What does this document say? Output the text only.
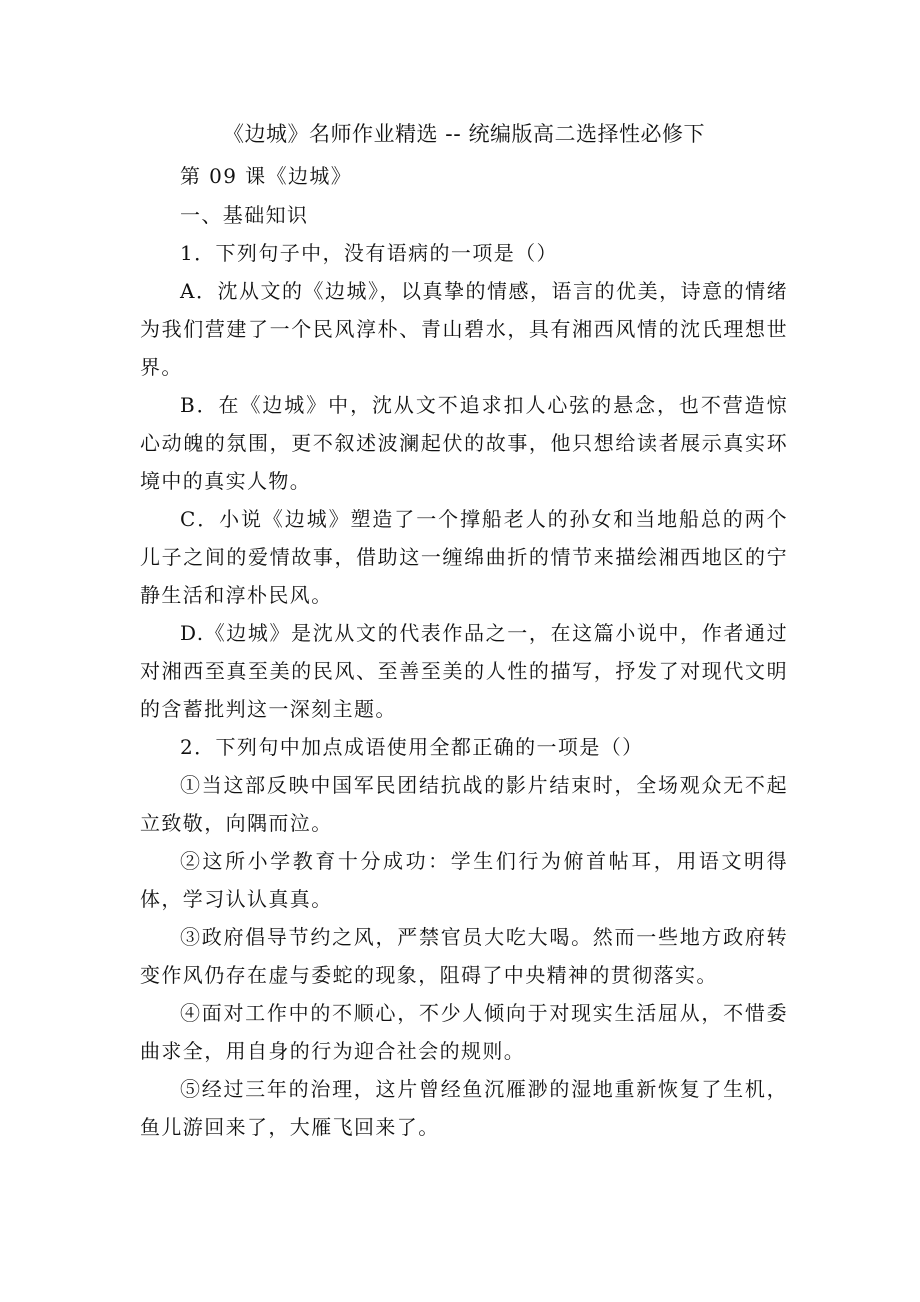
《边城》名师作业精选 -- 统编版高二选择性必修下

第 09 课《边城》

一、基础知识

1．下列句子中，没有语病的一项是（）

A．沈从文的《边城》，以真挚的情感，语言的优美，诗意的情绪为我们营建了一个民风淳朴、青山碧水，具有湘西风情的沈氏理想世界。

B．在《边城》中，沈从文不追求扣人心弦的悬念，也不营造惊心动魄的氛围，更不叙述波澜起伏的故事，他只想给读者展示真实环境中的真实人物。

C．小说《边城》塑造了一个撑船老人的孙女和当地船总的两个儿子之间的爱情故事，借助这一缠绵曲折的情节来描绘湘西地区的宁静生活和淳朴民风。

D.《边城》是沈从文的代表作品之一，在这篇小说中，作者通过对湘西至真至美的民风、至善至美的人性的描写，抒发了对现代文明的含蓄批判这一深刻主题。

2．下列句中加点成语使用全都正确的一项是（）

①当这部反映中国军民团结抗战的影片结束时，全场观众无不起立致敬，向隅而泣。

②这所小学教育十分成功：学生们行为俯首帖耳，用语文明得体，学习认认真真。

③政府倡导节约之风，严禁官员大吃大喝。然而一些地方政府转变作风仍存在虚与委蛇的现象，阻碍了中央精神的贯彻落实。

④面对工作中的不顺心，不少人倾向于对现实生活屈从，不惜委曲求全，用自身的行为迎合社会的规则。

⑤经过三年的治理，这片曾经鱼沉雁渺的湿地重新恢复了生机，鱼儿游回来了，大雁飞回来了。
